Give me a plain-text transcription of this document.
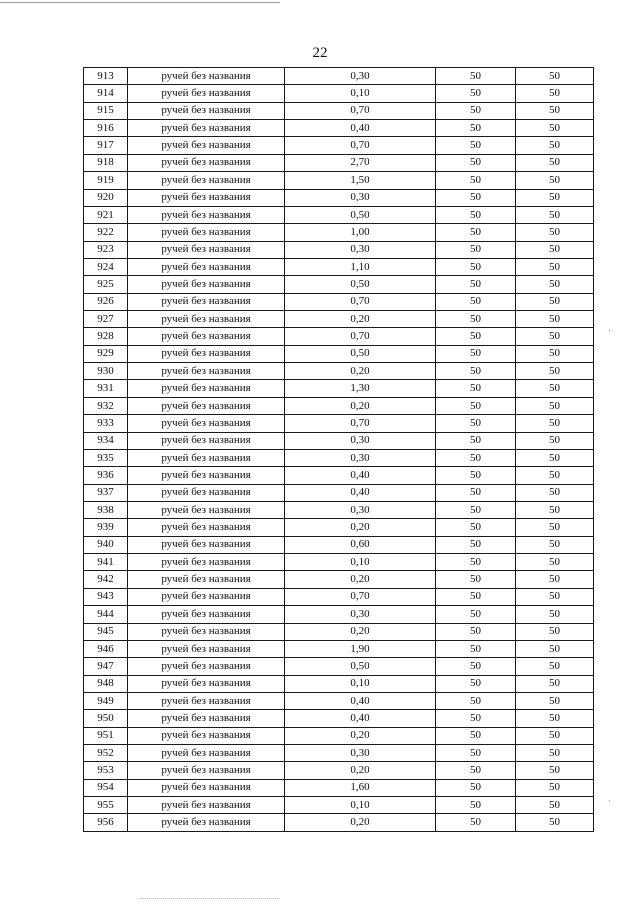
22
913	ручей без названия	0,30	50	50
914	ручей без названия	0,10	50	50
915	ручей без названия	0,70	50	50
916	ручей без названия	0,40	50	50
917	ручей без названия	0,70	50	50
918	ручей без названия	2,70	50	50
919	ручей без названия	1,50	50	50
920	ручей без названия	0,30	50	50
921	ручей без названия	0,50	50	50
922	ручей без названия	1,00	50	50
923	ручей без названия	0,30	50	50
924	ручей без названия	1,10	50	50
925	ручей без названия	0,50	50	50
926	ручей без названия	0,70	50	50
927	ручей без названия	0,20	50	50
928	ручей без названия	0,70	50	50
929	ручей без названия	0,50	50	50
930	ручей без названия	0,20	50	50
931	ручей без названия	1,30	50	50
932	ручей без названия	0,20	50	50
933	ручей без названия	0,70	50	50
934	ручей без названия	0,30	50	50
935	ручей без названия	0,30	50	50
936	ручей без названия	0,40	50	50
937	ручей без названия	0,40	50	50
938	ручей без названия	0,30	50	50
939	ручей без названия	0,20	50	50
940	ручей без названия	0,60	50	50
941	ручей без названия	0,10	50	50
942	ручей без названия	0,20	50	50
943	ручей без названия	0,70	50	50
944	ручей без названия	0,30	50	50
945	ручей без названия	0,20	50	50
946	ручей без названия	1,90	50	50
947	ручей без названия	0,50	50	50
948	ручей без названия	0,10	50	50
949	ручей без названия	0,40	50	50
950	ручей без названия	0,40	50	50
951	ручей без названия	0,20	50	50
952	ручей без названия	0,30	50	50
953	ручей без названия	0,20	50	50
954	ручей без названия	1,60	50	50
955	ручей без названия	0,10	50	50
956	ручей без названия	0,20	50	50
